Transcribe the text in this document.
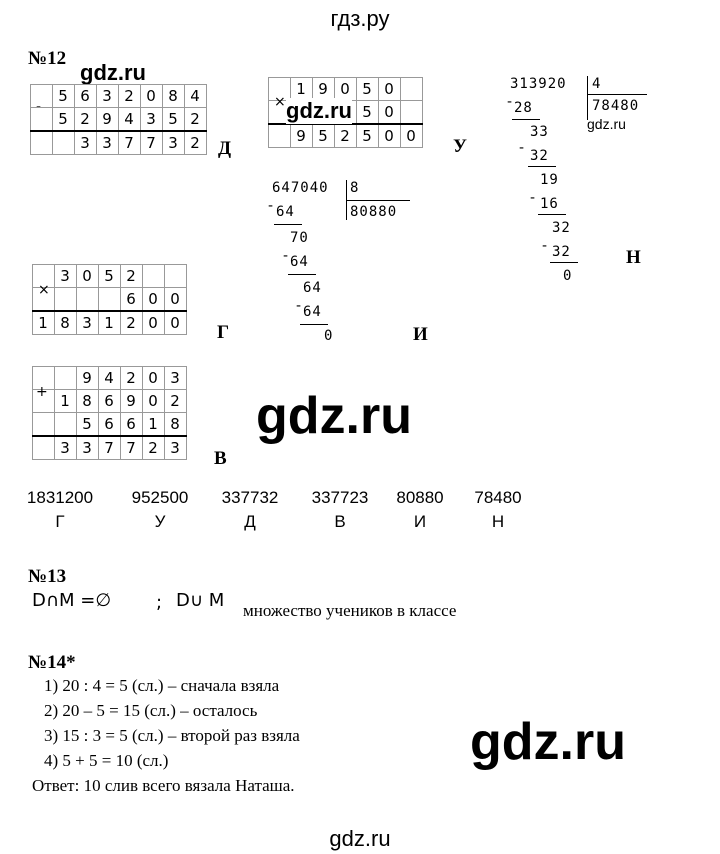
гдз.ру
№12
gdz.ru
-
	5	6	3	2	0	8	4
	5	2	9	4	3	5	2
		3	3	7	7	3	2 Д
	1	9	0	5	0	
				5	0	
	9	5	2	5	0	0
× gdz.ru
У
313920 4
78480
gdz.ru
- 28
33
- 32
19
- 16
32
- 32
0
Н
647040 8
80880
- 64
70
- 64
64
- 64
0	И
	3	0	5	2		
				6	0	0
1	8	3	1	2	0	0
×
Г
		9	4	2	0	3
	1	8	6	9	0	2
		5	6	6	1	8
	3	3	7	7	2	3
+
В
gdz.ru
1831200
Г
952500
У
337732
Д
337723
В
80880
И
78480
Н
№13
D∩M =∅ ; D∪ M множество учеников в классе
№14*
1) 20 : 4 = 5 (сл.) – сначала взяла
2) 20 – 5 = 15 (сл.) – осталось
3) 15 : 3 = 5 (сл.) – второй раз взяла
4) 5 + 5 = 10 (сл.)
Ответ: 10 слив всего вязала Наташа.
gdz.ru
gdz.ru
